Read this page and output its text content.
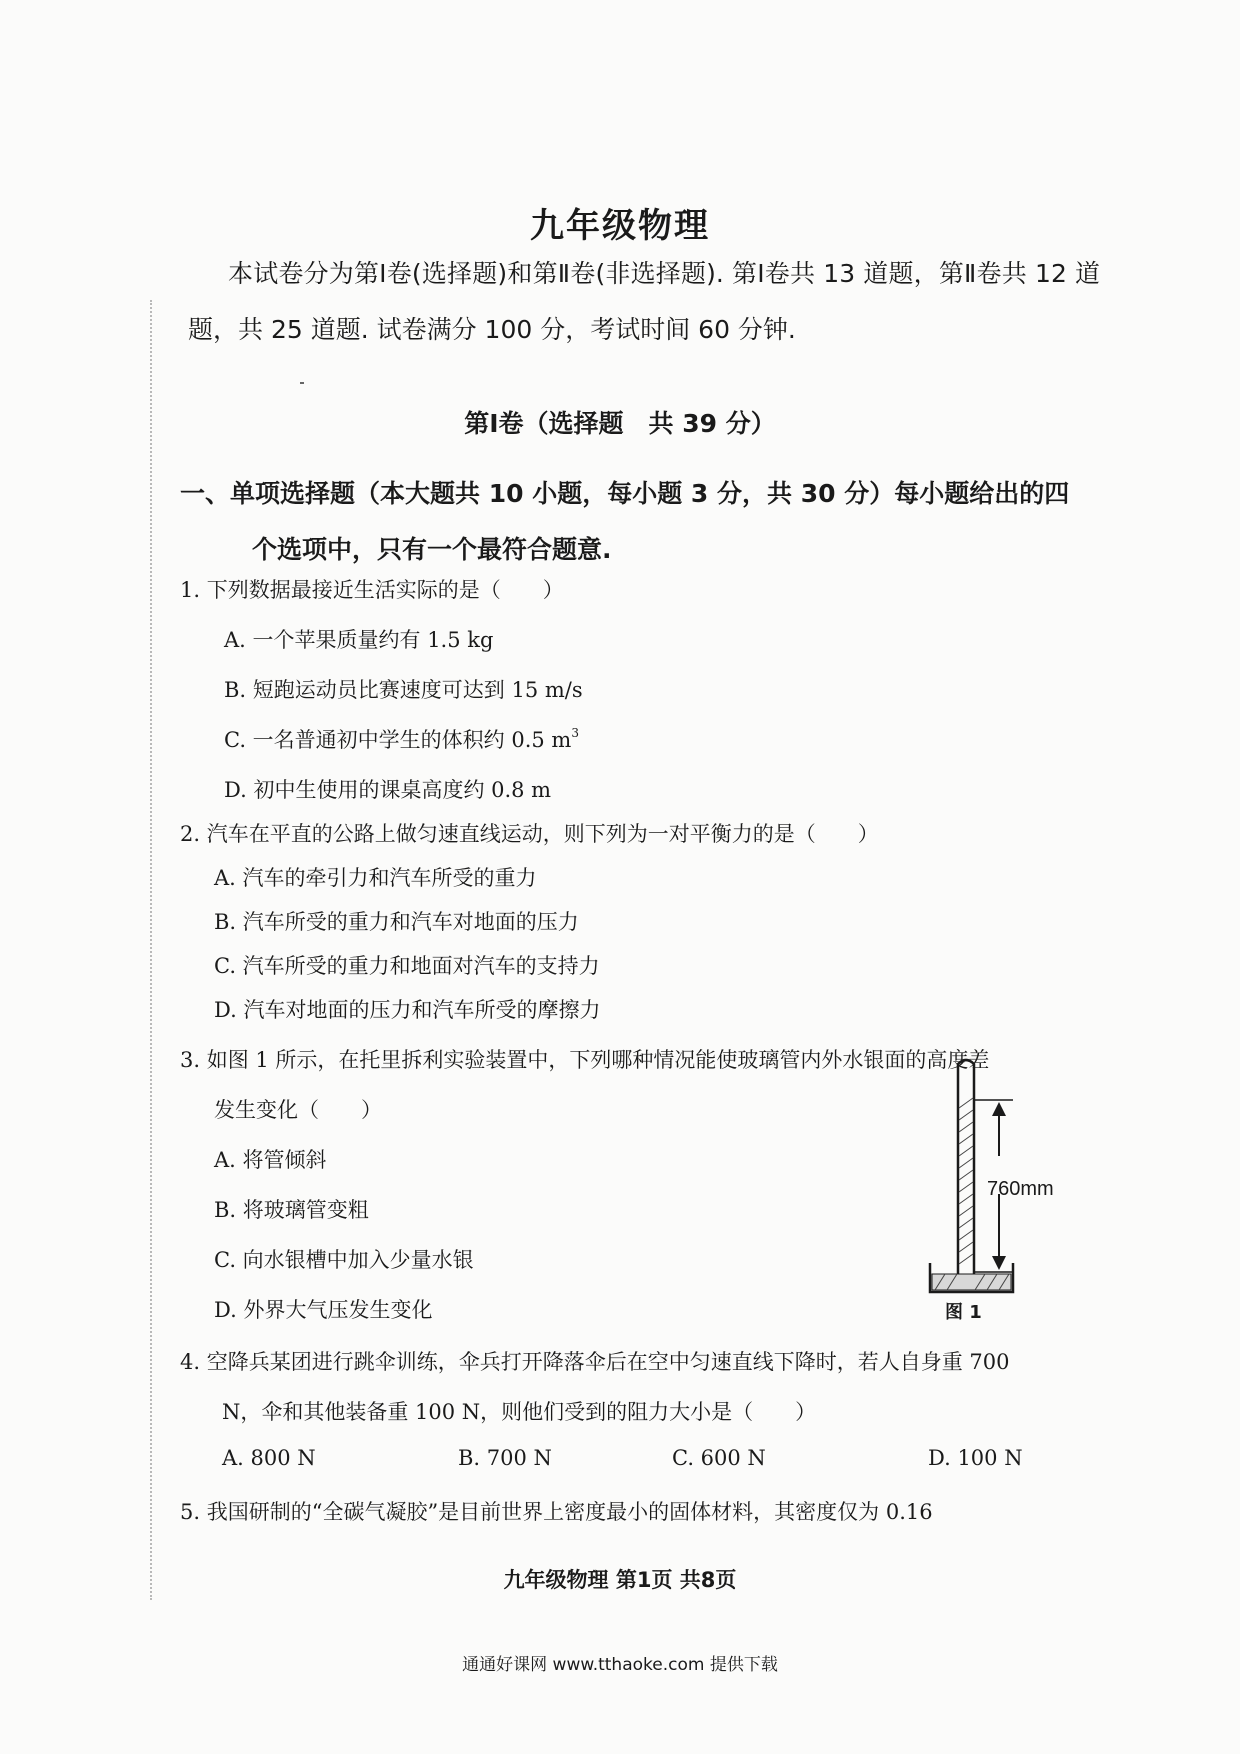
九年级物理
本试卷分为第Ⅰ卷(选择题)和第Ⅱ卷(非选择题). 第Ⅰ卷共 13 道题，第Ⅱ卷共 12 道题，共 25 道题. 试卷满分 100 分，考试时间 60 分钟.
第Ⅰ卷（选择题　共 39 分）
一、单项选择题（本大题共 10 小题，每小题 3 分，共 30 分）每小题给出的四
个选项中，只有一个最符合题意.
1. 下列数据最接近生活实际的是（　　）
A. 一个苹果质量约有 1.5 kg
B. 短跑运动员比赛速度可达到 15 m/s
C. 一名普通初中学生的体积约 0.5 $m^3$
D. 初中生使用的课桌高度约 0.8 m
2. 汽车在平直的公路上做匀速直线运动，则下列为一对平衡力的是（　　）
A. 汽车的牵引力和汽车所受的重力
B. 汽车所受的重力和汽车对地面的压力
C. 汽车所受的重力和地面对汽车的支持力
D. 汽车对地面的压力和汽车所受的摩擦力
3. 如图 1 所示，在托里拆利实验装置中，下列哪种情况能使玻璃管内外水银面的高度差
发生变化（　　）
A. 将管倾斜
B. 将玻璃管变粗
C. 向水银槽中加入少量水银
D. 外界大气压发生变化
760mm
图 1
4. 空降兵某团进行跳伞训练，伞兵打开降落伞后在空中匀速直线下降时，若人自身重 700
N，伞和其他装备重 100 N，则他们受到的阻力大小是（　　）
A. 800 N	B. 700 N	C. 600 N	D. 100 N
5. 我国研制的“全碳气凝胶”是目前世界上密度最小的固体材料，其密度仅为 0.16
九年级物理 第1页 共8页
通通好课网 www.tthaoke.com 提供下载
